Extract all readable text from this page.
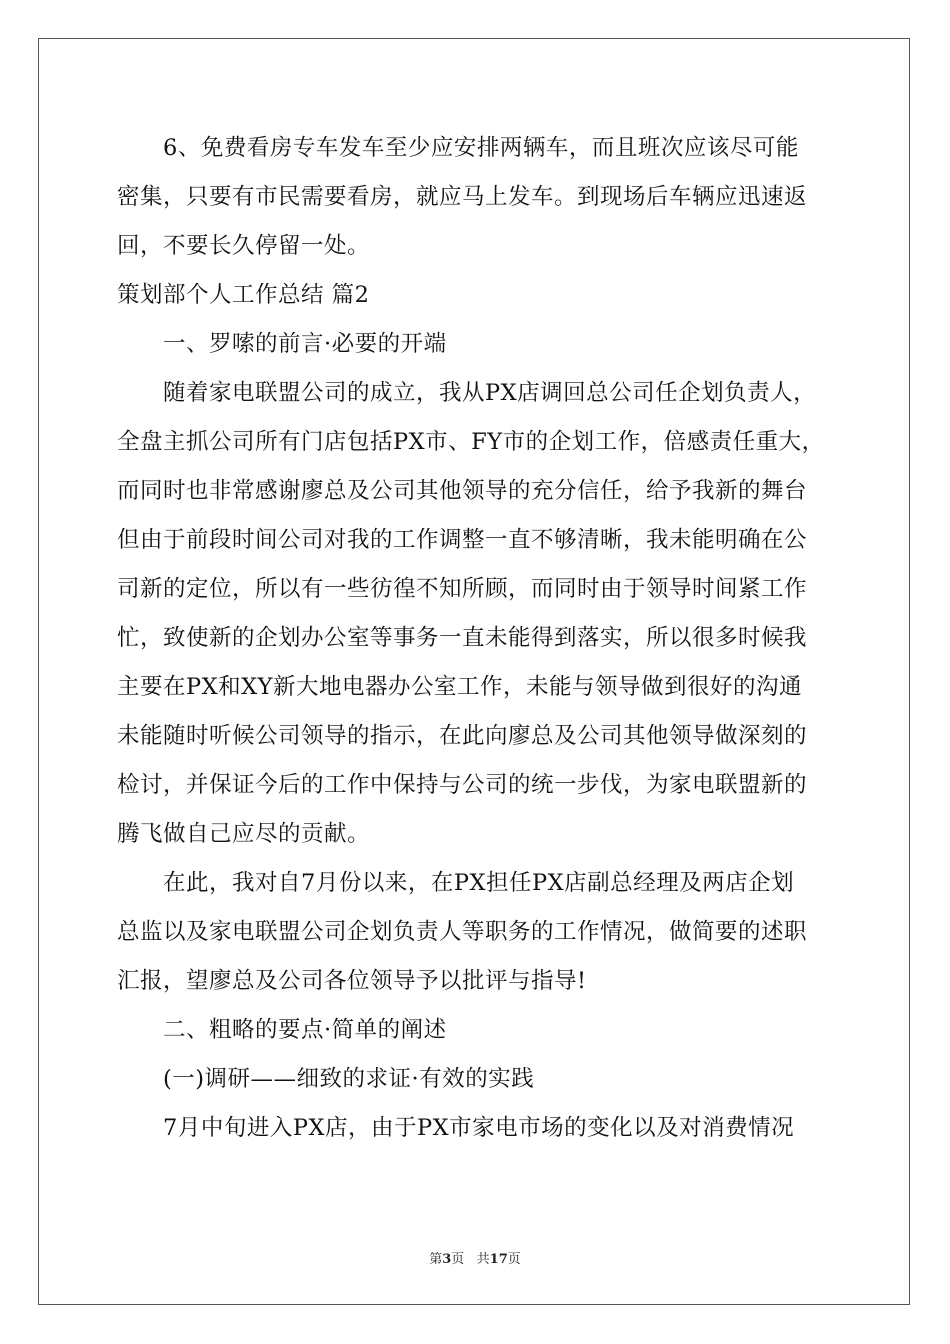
6、免费看房专车发车至少应安排两辆车，而且班次应该尽可能
密集，只要有市民需要看房，就应马上发车。到现场后车辆应迅速返
回，不要长久停留一处。
策划部个人工作总结 篇2
一、罗嗦的前言·必要的开端
随着家电联盟公司的成立，我从PX店调回总公司任企划负责人，
全盘主抓公司所有门店包括PX市、FY市的企划工作，倍感责任重大，
而同时也非常感谢廖总及公司其他领导的充分信任，给予我新的舞台
但由于前段时间公司对我的工作调整一直不够清晰，我未能明确在公
司新的定位，所以有一些彷徨不知所顾，而同时由于领导时间紧工作
忙，致使新的企划办公室等事务一直未能得到落实，所以很多时候我
主要在PX和XY新大地电器办公室工作，未能与领导做到很好的沟通
未能随时听候公司领导的指示，在此向廖总及公司其他领导做深刻的
检讨，并保证今后的工作中保持与公司的统一步伐，为家电联盟新的
腾飞做自己应尽的贡献。
在此，我对自7月份以来，在PX担任PX店副总经理及两店企划
总监以及家电联盟公司企划负责人等职务的工作情况，做简要的述职
汇报，望廖总及公司各位领导予以批评与指导!
二、粗略的要点·简单的阐述
(一)调研——细致的求证·有效的实践
7月中旬进入PX店，由于PX市家电市场的变化以及对消费情况
第3页   共17页
